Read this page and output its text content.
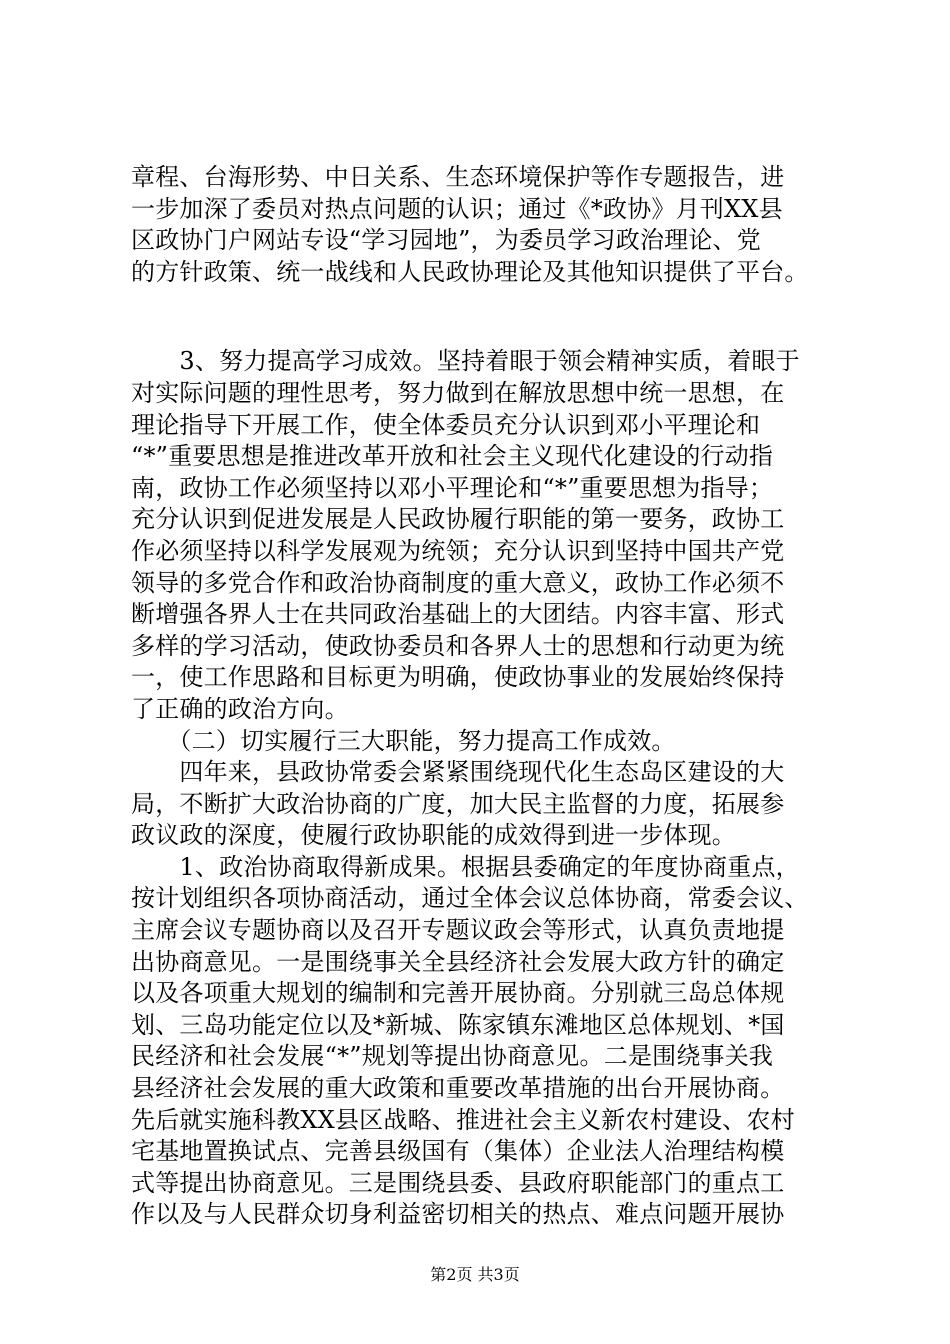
章程、台海形势、中日关系、生态环境保护等作专题报告，进
一步加深了委员对热点问题的认识；通过《*政协》月刊XX县
区政协门户网站专设“学习园地”，为委员学习政治理论、党
的方针政策、统一战线和人民政协理论及其他知识提供了平台。
　　3、努力提高学习成效。坚持着眼于领会精神实质，着眼于
对实际问题的理性思考，努力做到在解放思想中统一思想，在
理论指导下开展工作，使全体委员充分认识到邓小平理论和
“*”重要思想是推进改革开放和社会主义现代化建设的行动指
南，政协工作必须坚持以邓小平理论和“*”重要思想为指导；
充分认识到促进发展是人民政协履行职能的第一要务，政协工
作必须坚持以科学发展观为统领；充分认识到坚持中国共产党
领导的多党合作和政治协商制度的重大意义，政协工作必须不
断增强各界人士在共同政治基础上的大团结。内容丰富、形式
多样的学习活动，使政协委员和各界人士的思想和行动更为统
一，使工作思路和目标更为明确，使政协事业的发展始终保持
了正确的政治方向。
　　（二）切实履行三大职能，努力提高工作成效。
　　四年来，县政协常委会紧紧围绕现代化生态岛区建设的大
局，不断扩大政治协商的广度，加大民主监督的力度，拓展参
政议政的深度，使履行政协职能的成效得到进一步体现。
　　1、政治协商取得新成果。根据县委确定的年度协商重点，
按计划组织各项协商活动，通过全体会议总体协商，常委会议、
主席会议专题协商以及召开专题议政会等形式，认真负责地提
出协商意见。一是围绕事关全县经济社会发展大政方针的确定
以及各项重大规划的编制和完善开展协商。分别就三岛总体规
划、三岛功能定位以及*新城、陈家镇东滩地区总体规划、*国
民经济和社会发展“*”规划等提出协商意见。二是围绕事关我
县经济社会发展的重大政策和重要改革措施的出台开展协商。
先后就实施科教XX县区战略、推进社会主义新农村建设、农村
宅基地置换试点、完善县级国有（集体）企业法人治理结构模
式等提出协商意见。三是围绕县委、县政府职能部门的重点工
作以及与人民群众切身利益密切相关的热点、难点问题开展协
第2页 共3页
